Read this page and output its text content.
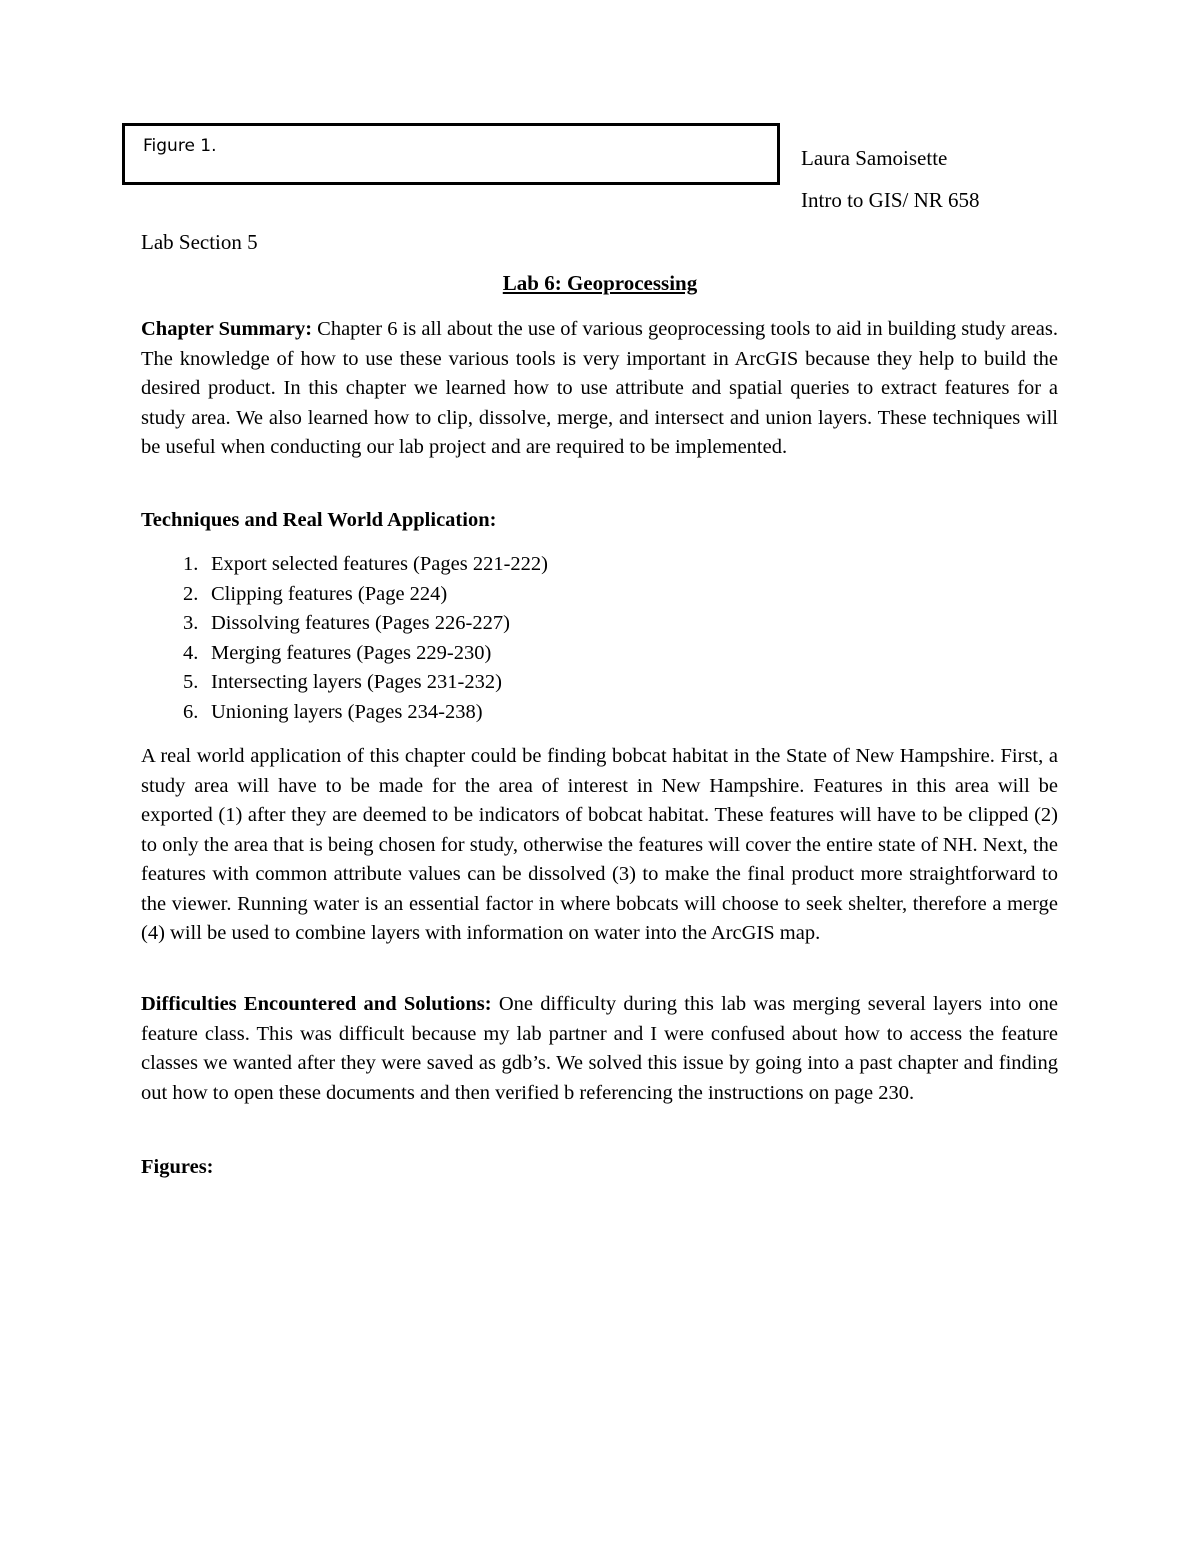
Figure 1.	Laura Samoisette
Intro to GIS/ NR 658
Lab Section 5
Lab 6: Geoprocessing

Chapter Summary: Chapter 6 is all about the use of various geoprocessing tools to aid in building study areas. The knowledge of how to use these various tools is very important in ArcGIS because they help to build the desired product. In this chapter we learned how to use attribute and spatial queries to extract features for a study area. We also learned how to clip, dissolve, merge, and intersect and union layers. These techniques will be useful when conducting our lab project and are required to be implemented.

Techniques and Real World Application:

1. Export selected features (Pages 221-222)
2. Clipping features (Page 224)
3. Dissolving features (Pages 226-227)
4. Merging features (Pages 229-230)
5. Intersecting layers (Pages 231-232)
6. Unioning layers (Pages 234-238)

A real world application of this chapter could be finding bobcat habitat in the State of New Hampshire. First, a study area will have to be made for the area of interest in New Hampshire. Features in this area will be exported (1) after they are deemed to be indicators of bobcat habitat. These features will have to be clipped (2) to only the area that is being chosen for study, otherwise the features will cover the entire state of NH. Next, the features with common attribute values can be dissolved (3) to make the final product more straightforward to the viewer. Running water is an essential factor in where bobcats will choose to seek shelter, therefore a merge (4) will be used to combine layers with information on water into the ArcGIS map.

Difficulties Encountered and Solutions: One difficulty during this lab was merging several layers into one feature class. This was difficult because my lab partner and I were confused about how to access the feature classes we wanted after they were saved as gdb’s. We solved this issue by going into a past chapter and finding out how to open these documents and then verified b referencing the instructions on page 230.

Figures:
